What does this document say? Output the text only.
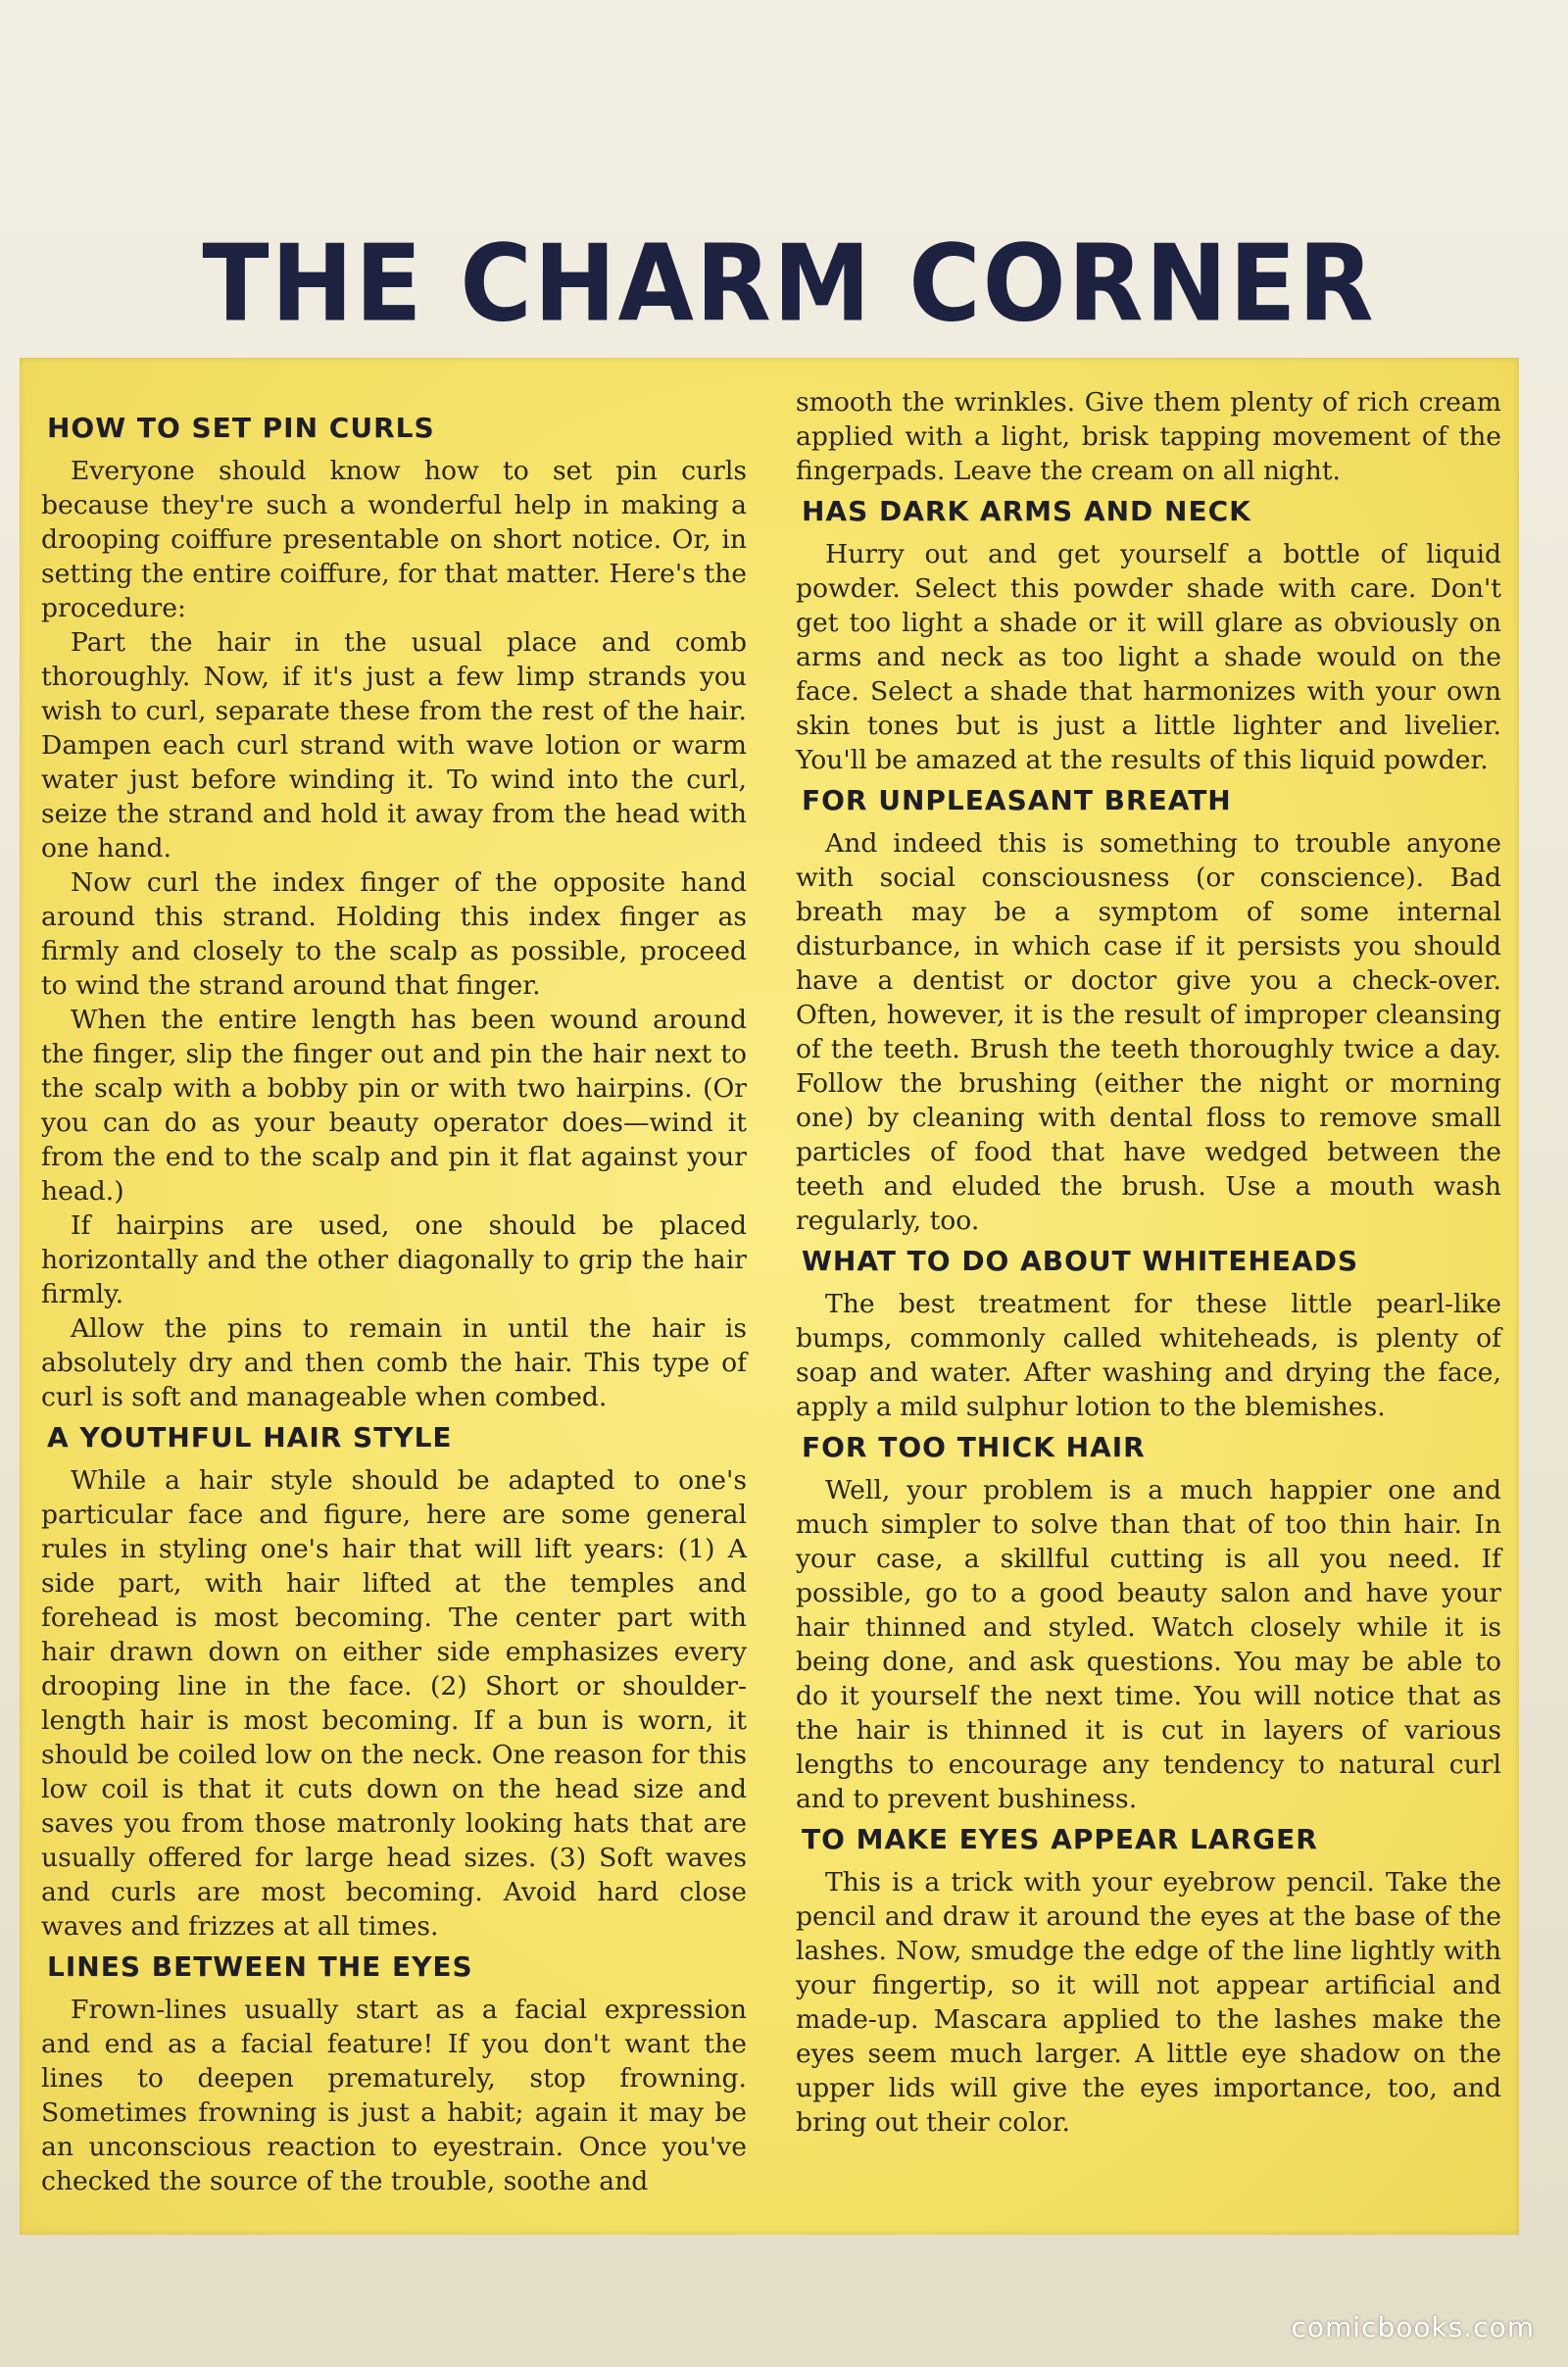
THE CHARM CORNER
HOW TO SET PIN CURLS

Everyone should know how to set pin curls because they're such a wonderful help in making a drooping coiffure presentable on short notice. Or, in setting the entire coiffure, for that matter. Here's the procedure:

Part the hair in the usual place and comb thoroughly. Now, if it's just a few limp strands you wish to curl, separate these from the rest of the hair. Dampen each curl strand with wave lotion or warm water just before winding it. To wind into the curl, seize the strand and hold it away from the head with one hand.

Now curl the index finger of the opposite hand around this strand. Holding this index finger as firmly and closely to the scalp as possible, proceed to wind the strand around that finger.

When the entire length has been wound around the finger, slip the finger out and pin the hair next to the scalp with a bobby pin or with two hairpins. (Or you can do as your beauty operator does—wind it from the end to the scalp and pin it flat against your head.)

If hairpins are used, one should be placed horizontally and the other diagonally to grip the hair firmly.

Allow the pins to remain in until the hair is absolutely dry and then comb the hair. This type of curl is soft and manageable when combed.

A YOUTHFUL HAIR STYLE

While a hair style should be adapted to one's particular face and figure, here are some general rules in styling one's hair that will lift years: (1) A side part, with hair lifted at the temples and forehead is most becoming. The center part with hair drawn down on either side emphasizes every drooping line in the face. (2) Short or shoulder-length hair is most becoming. If a bun is worn, it should be coiled low on the neck. One reason for this low coil is that it cuts down on the head size and saves you from those matronly looking hats that are usually offered for large head sizes. (3) Soft waves and curls are most becoming. Avoid hard close waves and frizzes at all times.

LINES BETWEEN THE EYES

Frown-lines usually start as a facial expression and end as a facial feature! If you don't want the lines to deepen prematurely, stop frowning. Sometimes frowning is just a habit; again it may be an unconscious reaction to eyestrain. Once you've checked the source of the trouble, soothe and

smooth the wrinkles. Give them plenty of rich cream applied with a light, brisk tapping movement of the fingerpads. Leave the cream on all night.

HAS DARK ARMS AND NECK

Hurry out and get yourself a bottle of liquid powder. Select this powder shade with care. Don't get too light a shade or it will glare as obviously on arms and neck as too light a shade would on the face. Select a shade that harmonizes with your own skin tones but is just a little lighter and livelier. You'll be amazed at the results of this liquid powder.

FOR UNPLEASANT BREATH

And indeed this is something to trouble anyone with social consciousness (or conscience). Bad breath may be a symptom of some internal disturbance, in which case if it persists you should have a dentist or doctor give you a check-over. Often, however, it is the result of improper cleansing of the teeth. Brush the teeth thoroughly twice a day. Follow the brushing (either the night or morning one) by cleaning with dental floss to remove small particles of food that have wedged between the teeth and eluded the brush. Use a mouth wash regularly, too.

WHAT TO DO ABOUT WHITEHEADS

The best treatment for these little pearl-like bumps, commonly called whiteheads, is plenty of soap and water. After washing and drying the face, apply a mild sulphur lotion to the blemishes.

FOR TOO THICK HAIR

Well, your problem is a much happier one and much simpler to solve than that of too thin hair. In your case, a skillful cutting is all you need. If possible, go to a good beauty salon and have your hair thinned and styled. Watch closely while it is being done, and ask questions. You may be able to do it yourself the next time. You will notice that as the hair is thinned it is cut in layers of various lengths to encourage any tendency to natural curl and to prevent bushiness.

TO MAKE EYES APPEAR LARGER

This is a trick with your eyebrow pencil. Take the pencil and draw it around the eyes at the base of the lashes. Now, smudge the edge of the line lightly with your fingertip, so it will not appear artificial and made-up. Mascara applied to the lashes make the eyes seem much larger. A little eye shadow on the upper lids will give the eyes importance, too, and bring out their color.

comicbooks.com
